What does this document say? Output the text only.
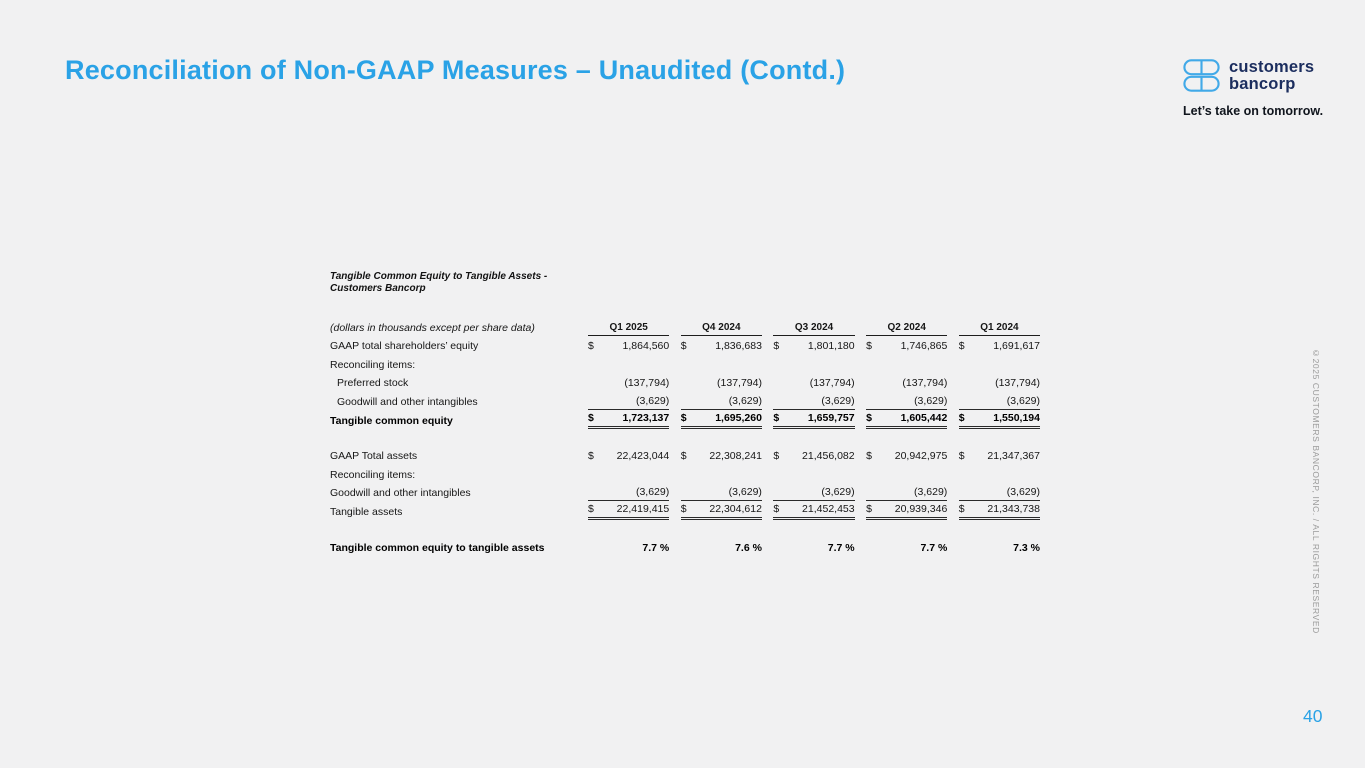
Reconciliation of Non-GAAP Measures – Unaudited (Contd.)	customers
bancorp
Let’s take on tomorrow.
Tangible Common Equity to Tangible Assets -
Customers Bancorp
(dollars in thousands except per share data)	Q1 2025	Q4 2024	Q3 2024	Q2 2024	Q1 2024
GAAP total shareholders’ equity	$	1,864,560 $	1,836,683 $	1,801,180 $	1,746,865 $	1,691,617
Reconciling items:
Preferred stock	(137,794)	(137,794)	(137,794)	(137,794)	(137,794)
Goodwill and other intangibles	(3,629)	(3,629)	(3,629)	(3,629)	(3,629)
Tangible common equity	$	1,723,137 $	1,695,260 $	1,659,757 $	1,605,442 $	1,550,194
GAAP Total assets	$ 22,423,044 $ 22,308,241 $ 21,456,082 $ 20,942,975 $ 21,347,367
Reconciling items:
Goodwill and other intangibles	(3,629)	(3,629)	(3,629)	(3,629)	(3,629)
Tangible assets	$ 22,419,415 $ 22,304,612 $ 21,452,453 $ 20,939,346 $ 21,343,738
Tangible common equity to tangible assets	7.7 %	7.6 %	7.7 %	7.7 %	7.3 %	©2025 CUSTOMERS BANCORP, INC. / ALL RIGHTS RESERVED
40
